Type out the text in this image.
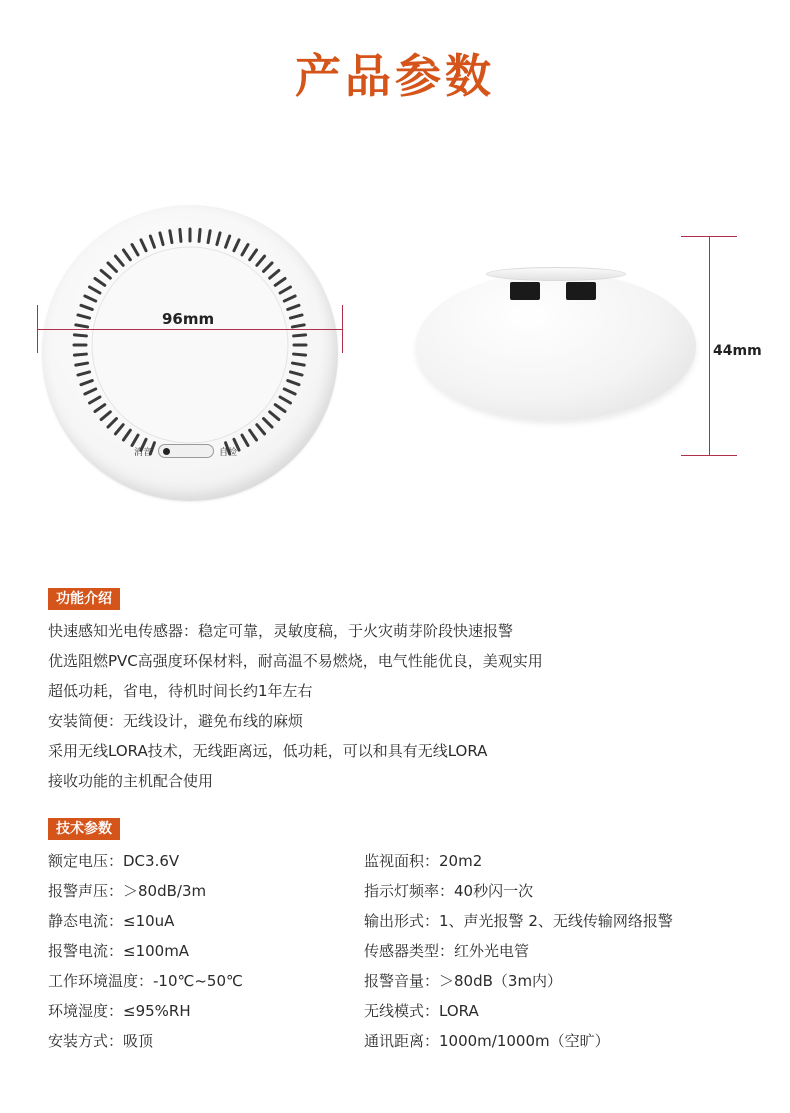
产品参数
消音	自检
96mm
44mm
功能介绍
快速感知光电传感器：稳定可靠，灵敏度稿，于火灾萌芽阶段快速报警
优选阻燃PVC高强度环保材料，耐高温不易燃烧，电气性能优良，美观实用
超低功耗，省电，待机时间长约1年左右
安装简便：无线设计，避免布线的麻烦
采用无线LORA技术，无线距离远，低功耗，可以和具有无线LORA
接收功能的主机配合使用
技术参数
额定电压：DC3.6V
报警声压：＞80dB/3m
静态电流：≤10uA
报警电流：≤100mA
工作环境温度：-10℃~50℃
环境湿度：≤95%RH
安装方式：吸顶
监视面积：20m2
指示灯频率：40秒闪一次
输出形式：1、声光报警 2、无线传输网络报警
传感器类型：红外光电管
报警音量：＞80dB（3m内）
无线模式：LORA
通讯距离：1000m/1000m（空旷）
